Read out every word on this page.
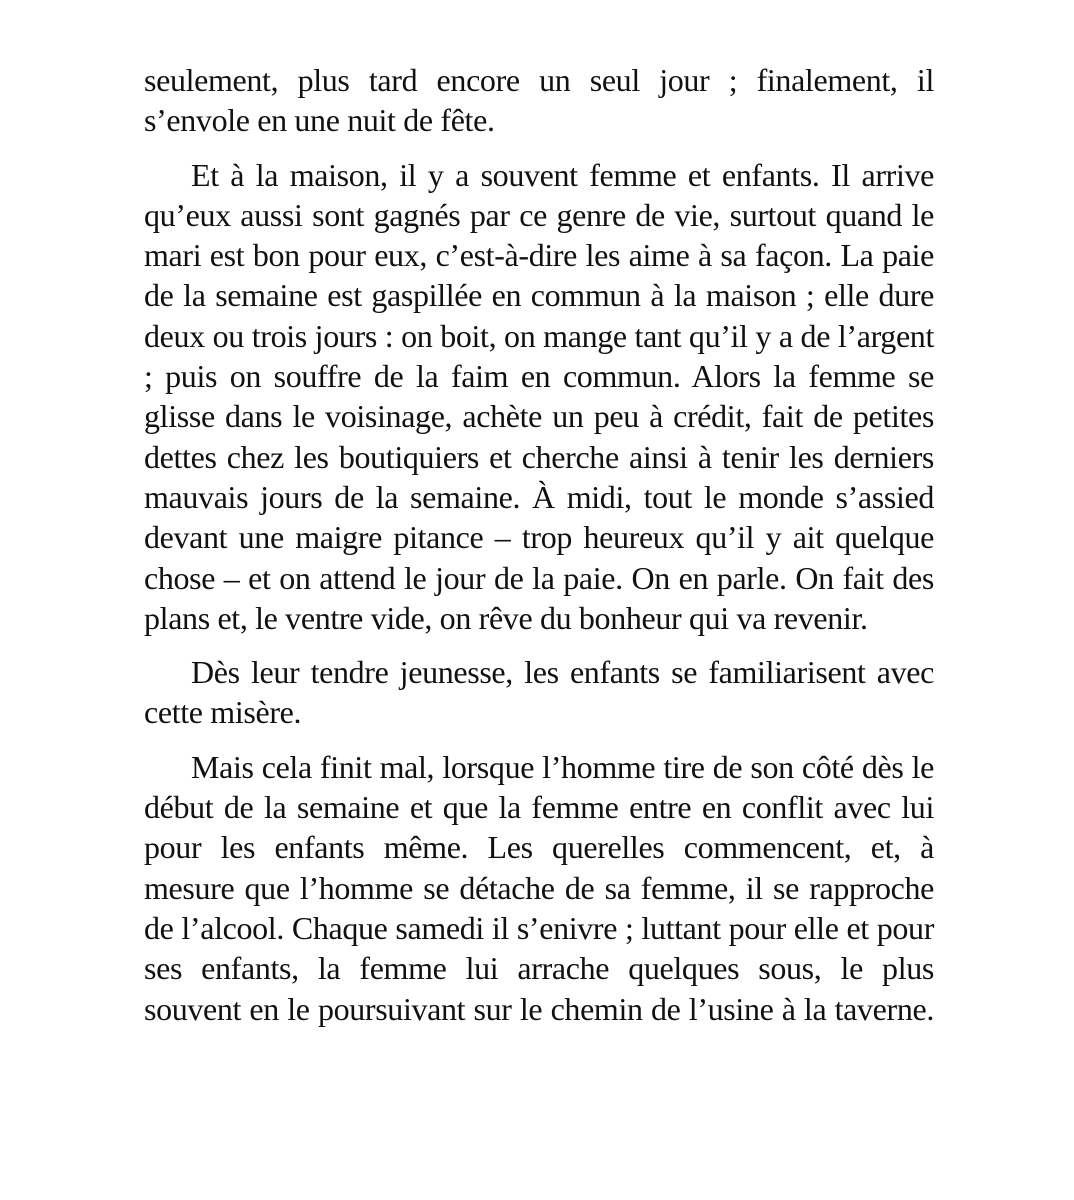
seulement, plus tard encore un seul jour ; finalement, il s’envole en une nuit de fête.

Et à la maison, il y a souvent femme et enfants. Il arrive qu’eux aussi sont gagnés par ce genre de vie, surtout quand le mari est bon pour eux, c’est-à-dire les aime à sa façon. La paie de la semaine est gaspillée en commun à la maison ; elle dure deux ou trois jours : on boit, on mange tant qu’il y a de l’argent ; puis on souffre de la faim en commun. Alors la femme se glisse dans le voisinage, achète un peu à crédit, fait de petites dettes chez les boutiquiers et cherche ainsi à tenir les derniers mauvais jours de la semaine. À midi, tout le monde s’assied devant une maigre pitance – trop heureux qu’il y ait quelque chose – et on attend le jour de la paie. On en parle. On fait des plans et, le ventre vide, on rêve du bonheur qui va revenir.

Dès leur tendre jeunesse, les enfants se familiarisent avec cette misère.

Mais cela finit mal, lorsque l’homme tire de son côté dès le début de la semaine et que la femme entre en conflit avec lui pour les enfants même. Les querelles commencent, et, à mesure que l’homme se détache de sa femme, il se rapproche de l’alcool. Chaque samedi il s’enivre ; luttant pour elle et pour ses enfants, la femme lui arrache quelques sous, le plus souvent en le poursuivant sur le chemin de l’usine à la taverne.
